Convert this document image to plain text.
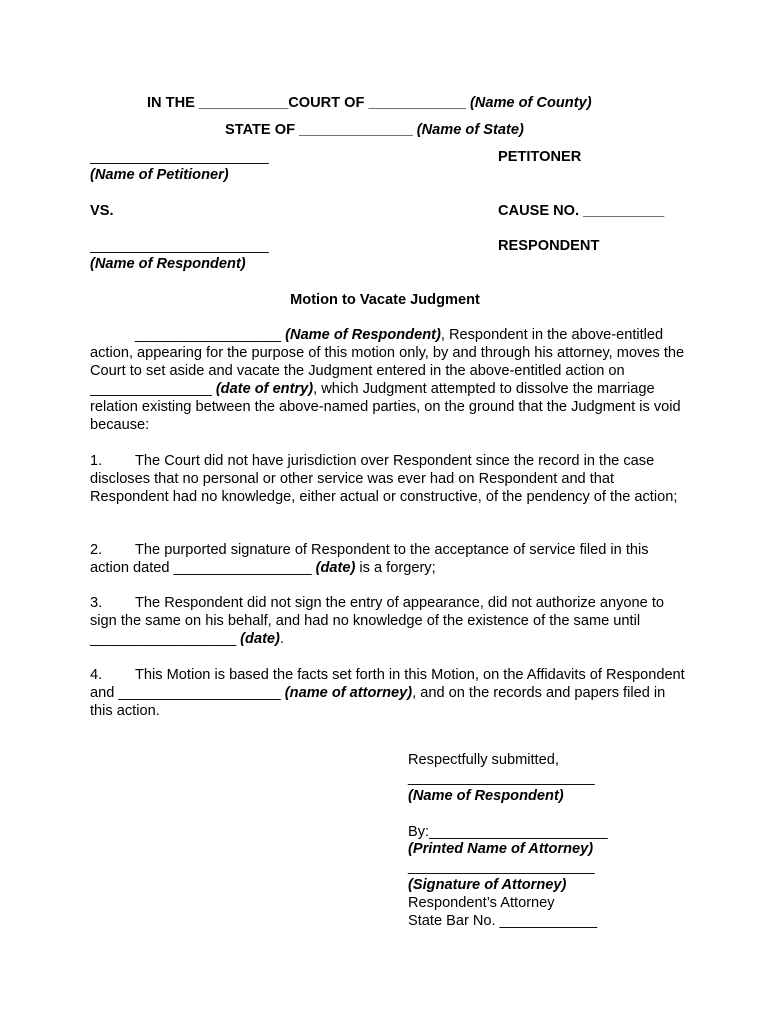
IN THE ___________COURT OF ____________ (Name of County)
STATE OF ______________ (Name of State)
______________________	PETITONER
(Name of Petitioner)
VS.	CAUSE NO. __________
______________________	RESPONDENT
(Name of Respondent)
Motion to Vacate Judgment
__________________ (Name of Respondent), Respondent in the above-entitled action, appearing for the purpose of this motion only, by and through his attorney, moves the Court to set aside and vacate the Judgment entered in the above-entitled action on _______________ (date of entry), which Judgment attempted to dissolve the marriage relation existing between the above-named parties, on the ground that the Judgment is void because:
1. The Court did not have jurisdiction over Respondent since the record in the case discloses that no personal or other service was ever had on Respondent and that Respondent had no knowledge, either actual or constructive, of the pendency of the action;
2. The purported signature of Respondent to the acceptance of service filed in this action dated _________________ (date) is a forgery;
3. The Respondent did not sign the entry of appearance, did not authorize anyone to sign the same on his behalf, and had no knowledge of the existence of the same until __________________ (date).
4. This Motion is based the facts set forth in this Motion, on the Affidavits of Respondent and ____________________ (name of attorney), and on the records and papers filed in this action.
Respectfully submitted,
_______________________
(Name of Respondent)
By:______________________
(Printed Name of Attorney)
_______________________
(Signature of Attorney)
Respondent’s Attorney
State Bar No. ____________
